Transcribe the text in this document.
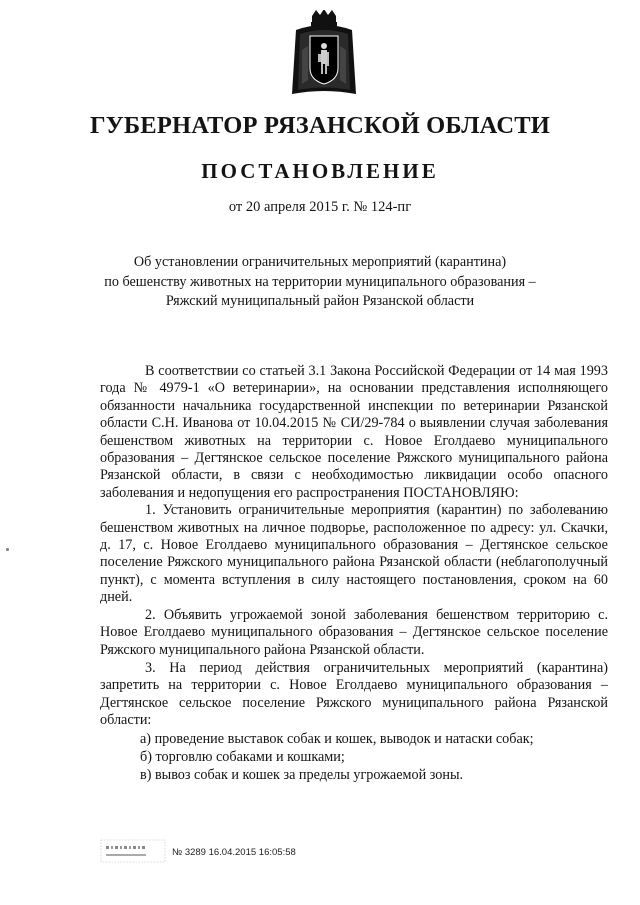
ГУБЕРНАТОР РЯЗАНСКОЙ ОБЛАСТИ
ПОСТАНОВЛЕНИЕ
от 20 апреля 2015 г. № 124-пг
Об установлении ограничительных мероприятий (карантина)
по бешенству животных на территории муниципального образования –
Ряжский муниципальный район Рязанской области

В соответствии со статьей 3.1 Закона Российской Федерации от 14 мая 1993 года № 4979-1 «О ветеринарии», на основании представления исполняющего обязанности начальника государственной инспекции по ветеринарии Рязанской области С.Н. Иванова от 10.04.2015 № СИ/29-784 о выявлении случая заболевания бешенством животных на территории с. Новое Еголдаево муниципального образования – Дегтянское сельское поселение Ряжского муниципального района Рязанской области, в связи с необходимостью ликвидации особо опасного заболевания и недопущения его распространения ПОСТАНОВЛЯЮ:

1. Установить ограничительные мероприятия (карантин) по заболеванию бешенством животных на личное подворье, расположенное по адресу: ул. Скачки, д. 17, с. Новое Еголдаево муниципального образования – Дегтянское сельское поселение Ряжского муниципального района Рязанской области (неблагополучный пункт), с момента вступления в силу настоящего постановления, сроком на 60 дней.

2. Объявить угрожаемой зоной заболевания бешенством территорию с. Новое Еголдаево муниципального образования – Дегтянское сельское поселение Ряжского муниципального района Рязанской области.

3. На период действия ограничительных мероприятий (карантина) запретить на территории с. Новое Еголдаево муниципального образования – Дегтянское сельское поселение Ряжского муниципального района Рязанской области:

а) проведение выставок собак и кошек, выводок и натаски собак;

б) торговлю собаками и кошками;

в) вывоз собак и кошек за пределы угрожаемой зоны.

№ 3289 16.04.2015 16:05:58
